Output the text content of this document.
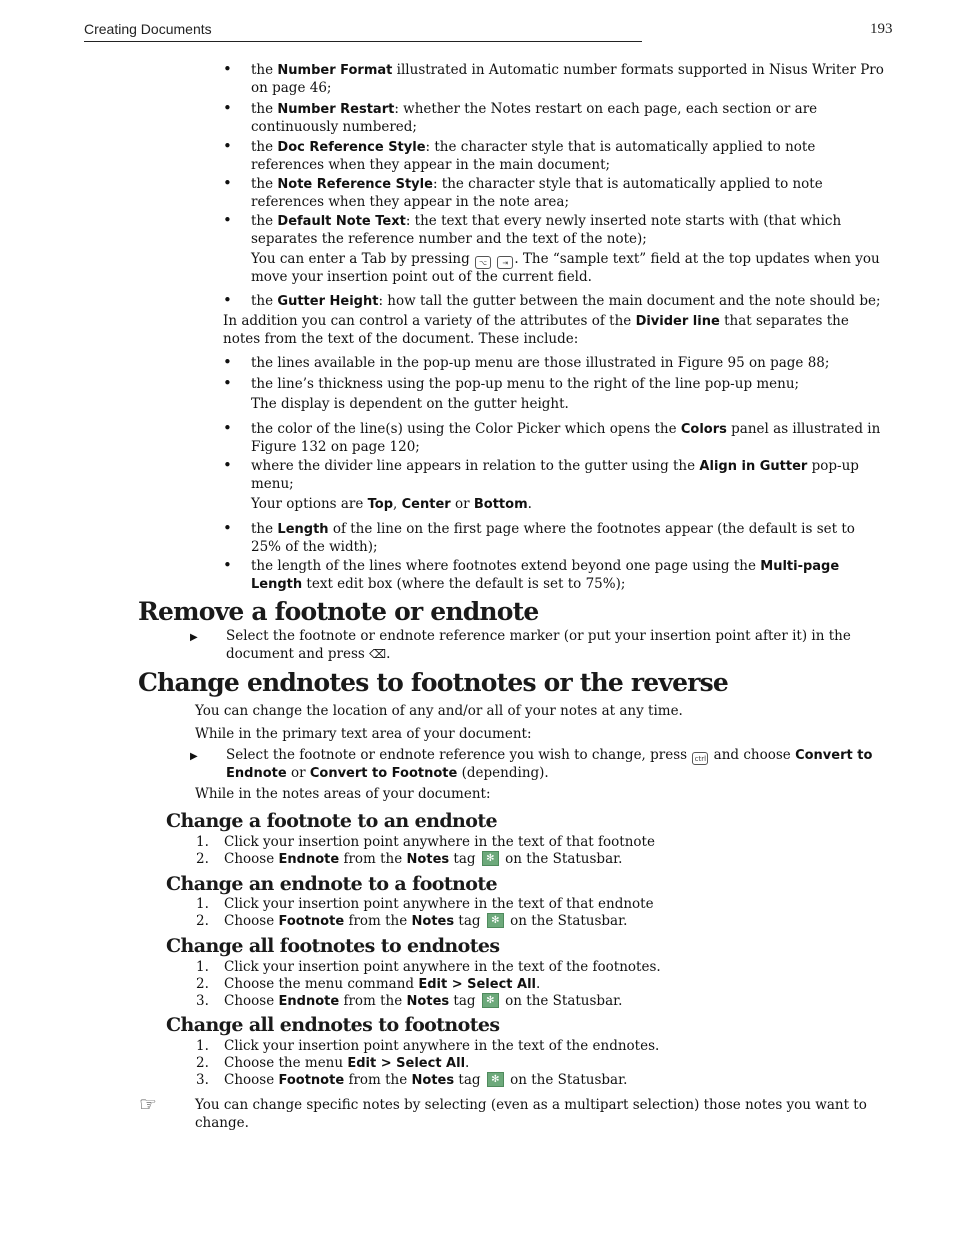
Creating Documents	193
• the Number Format illustrated in Automatic number formats supported in Nisus Writer Pro on page 46;
• the Number Restart: whether the Notes restart on each page, each section or are continuously numbered;
• the Doc Reference Style: the character style that is automatically applied to note references when they appear in the main document;
• the Note Reference Style: the character style that is automatically applied to note references when they appear in the note area;
• the Default Note Text: the text that every newly inserted note starts with (that which separates the reference number and the text of the note);
You can enter a Tab by pressing ⌥ ⇥ . The “sample text” field at the top updates when you move your insertion point out of the current field.
• the Gutter Height: how tall the gutter between the main document and the note should be;
In addition you can control a variety of the attributes of the Divider line that separates the notes from the text of the document. These include:
• the lines available in the pop-up menu are those illustrated in Figure 95 on page 88;
• the line’s thickness using the pop-up menu to the right of the line pop-up menu;
The display is dependent on the gutter height.
• the color of the line(s) using the Color Picker which opens the Colors panel as illustrated in Figure 132 on page 120;
• where the divider line appears in relation to the gutter using the Align in Gutter pop-up menu;
Your options are Top, Center or Bottom.
• the Length of the line on the first page where the footnotes appear (the default is set to 25% of the width);
• the length of the lines where footnotes extend beyond one page using the Multi-page Length text edit box (where the default is set to 75%);
Remove a footnote or endnote
▶ Select the footnote or endnote reference marker (or put your insertion point after it) in the document and press ⌫.
Change endnotes to footnotes or the reverse
You can change the location of any and/or all of your notes at any time.
While in the primary text area of your document:
▶ Select the footnote or endnote reference you wish to change, press ctrl and choose Convert to Endnote or Convert to Footnote (depending).
While in the notes areas of your document:
Change a footnote to an endnote
1. Click your insertion point anywhere in the text of that footnote
2. Choose Endnote from the Notes tag ✻ on the Statusbar.
Change an endnote to a footnote
1. Click your insertion point anywhere in the text of that endnote
2. Choose Footnote from the Notes tag ✻ on the Statusbar.
Change all footnotes to endnotes
1. Click your insertion point anywhere in the text of the footnotes.
2. Choose the menu command Edit > Select All.
3. Choose Endnote from the Notes tag ✻ on the Statusbar.
Change all endnotes to footnotes
1. Click your insertion point anywhere in the text of the endnotes.
2. Choose the menu Edit > Select All.
3. Choose Footnote from the Notes tag ✻ on the Statusbar.
☞	You can change specific notes by selecting (even as a multipart selection) those notes you want to change.
